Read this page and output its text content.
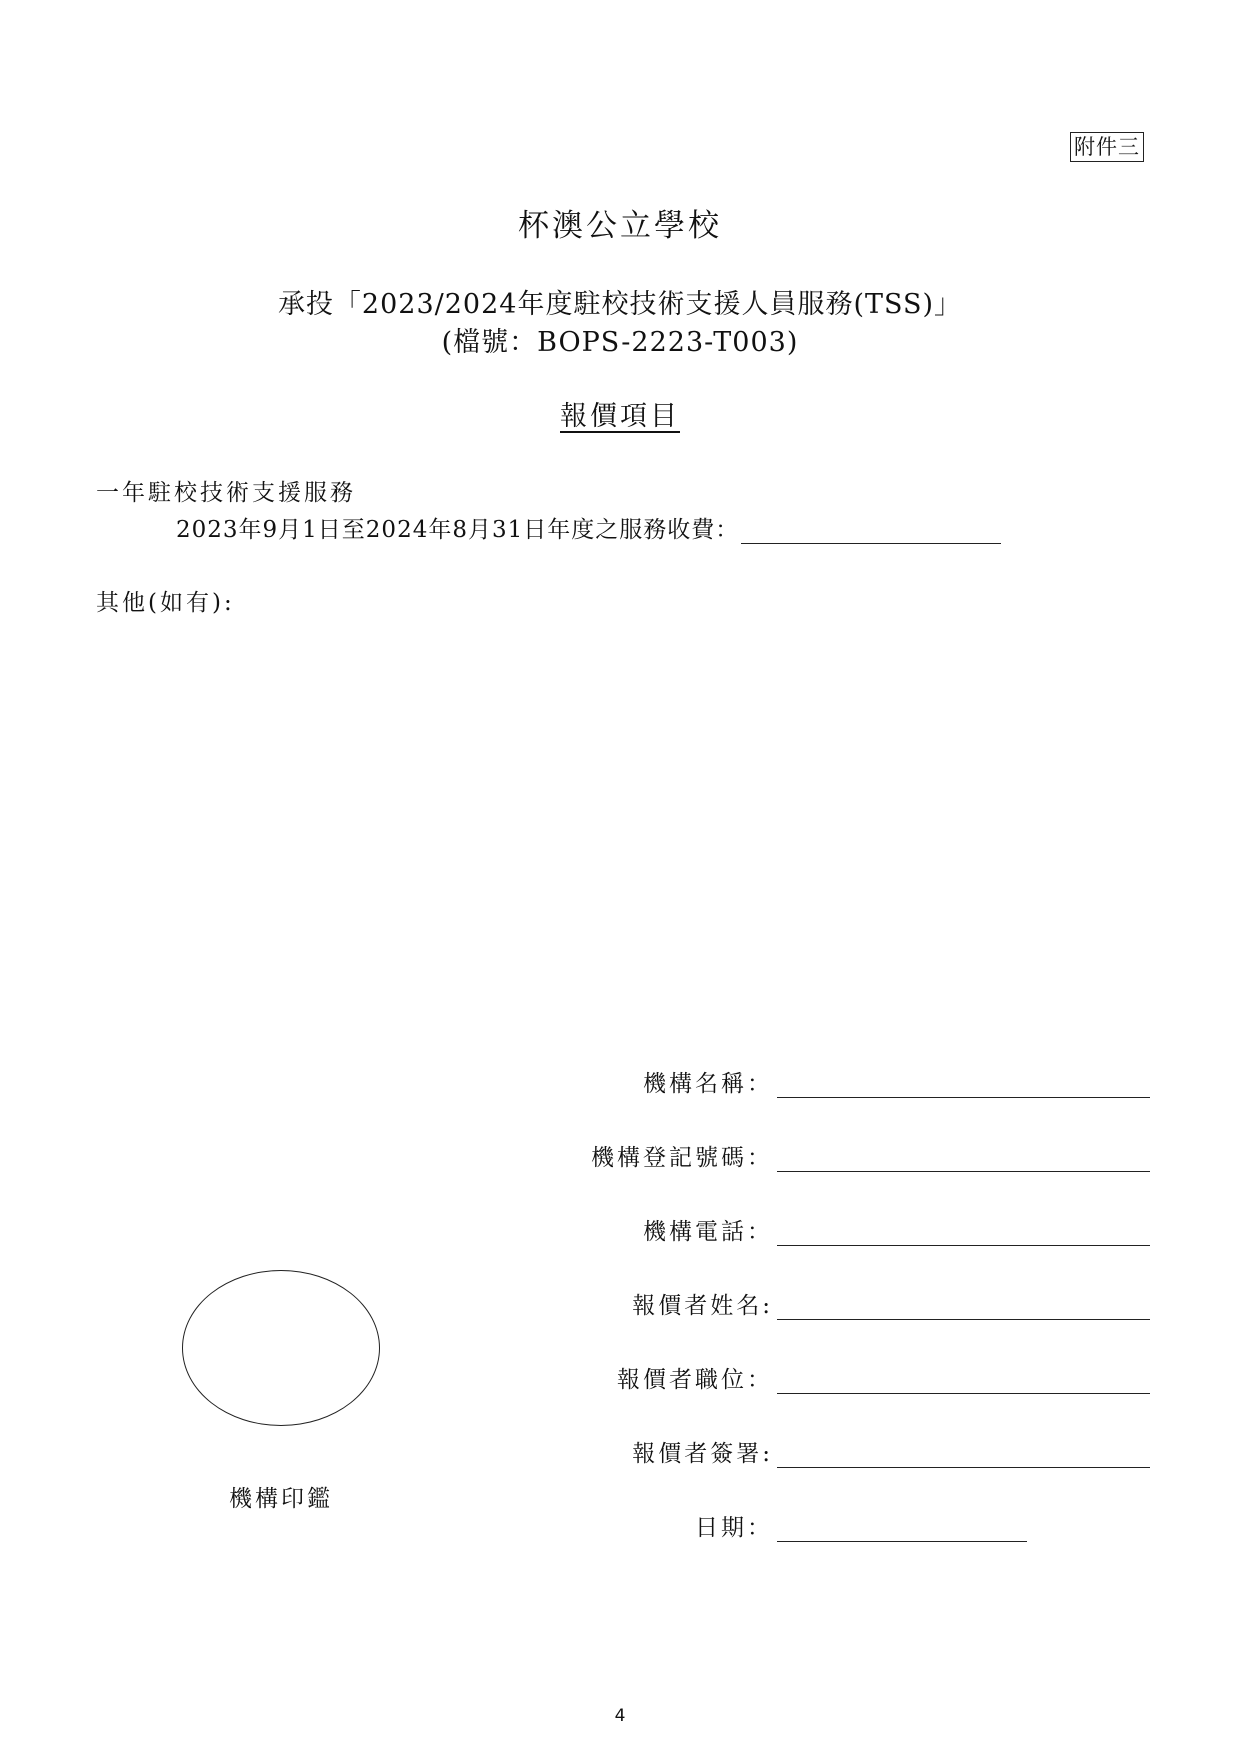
附件三
杯澳公立學校
承投「2023/2024年度駐校技術支援人員服務(TSS)」
(檔號：BOPS-2223-T003)
報價項目
一年駐校技術支援服務
2023年9月1日至2024年8月31日年度之服務收費：
其他(如有):
機構名稱：
機構登記號碼：
機構電話：
報價者姓名:
報價者職位：
報價者簽署:
日期：
機構印鑑
4
